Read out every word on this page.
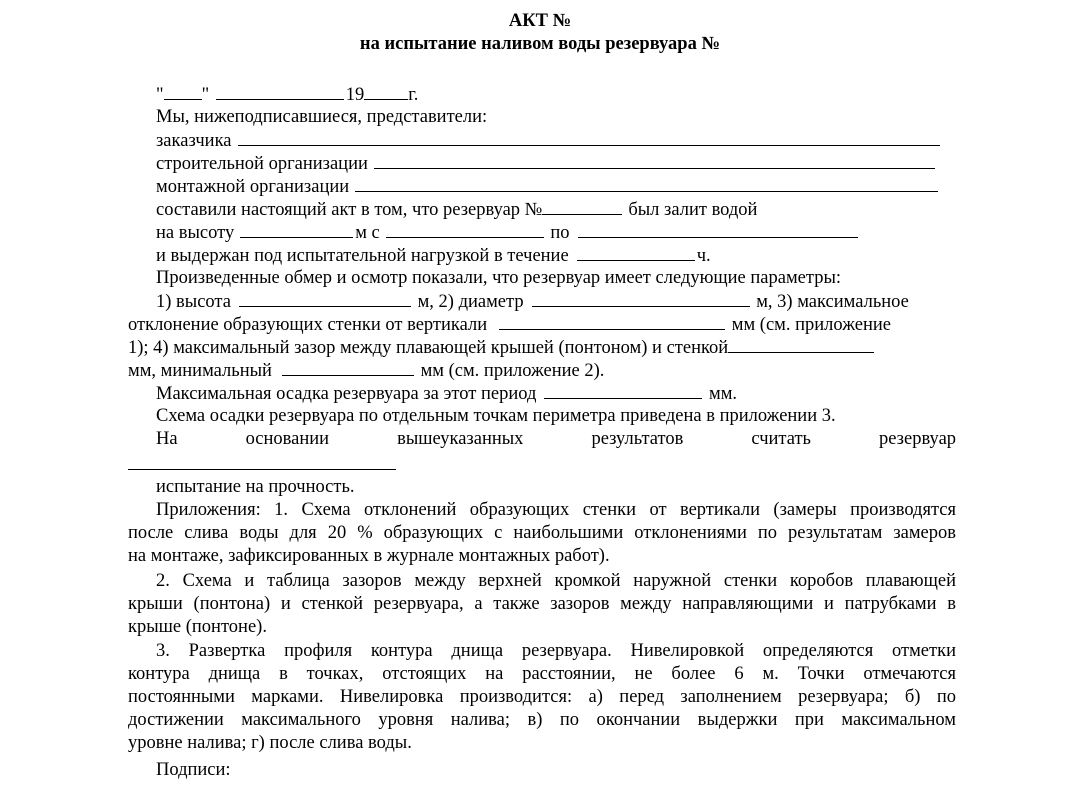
АКТ №
на испытание наливом воды резервуара №
" "	19 г.
Мы, нижеподписавшиеся, представители:
заказчика
строительной организации
монтажной организации
составили настоящий акт в том, что резервуар №	был залит водой
на высоту	м с	по
и выдержан под испытательной нагрузкой в течение	ч.
Произведенные обмер и осмотр показали, что резервуар имеет следующие параметры:
1) высота	м, 2) диаметр	м, 3) максимальное
отклонение образующих стенки от вертикали	мм (см. приложение
1); 4) максимальный зазор между плавающей крышей (понтоном) и стенкой
мм, минимальный	мм (см. приложение 2).
Максимальная осадка резервуара за этот период	мм.
Схема осадки резервуара по отдельным точкам периметра приведена в приложении 3.
На	основании	вышеуказанных	результатов	считать	резервуар
испытание на прочность.
Приложения: 1. Схема отклонений образующих стенки от вертикали (замеры производятся
после слива воды для 20 % образующих с наибольшими отклонениями по результатам замеров
на монтаже, зафиксированных в журнале монтажных работ).
2. Схема и таблица зазоров между верхней кромкой наружной стенки коробов плавающей
крыши (понтона) и стенкой резервуара, а также зазоров между направляющими и патрубками в
крыше (понтоне).
3. Развертка профиля контура днища резервуара. Нивелировкой определяются отметки
контура днища в точках, отстоящих на расстоянии, не более 6 м. Точки отмечаются
постоянными марками. Нивелировка производится: а) перед заполнением резервуара; б) по
достижении максимального уровня налива; в) по окончании выдержки при максимальном
уровне налива; г) после слива воды.
Подписи:
